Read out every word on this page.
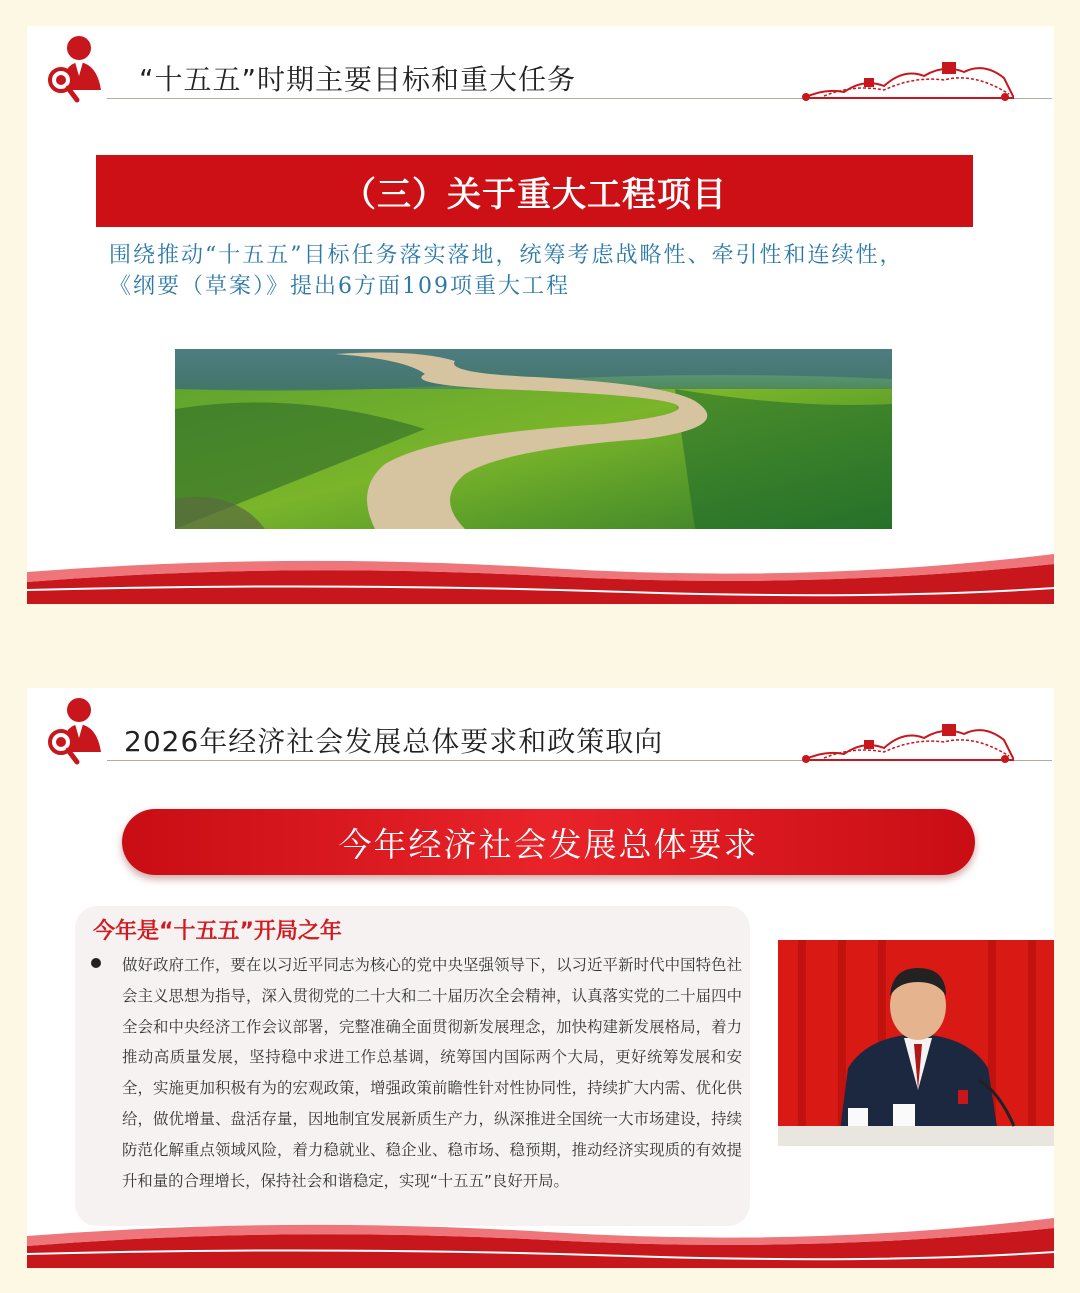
“十五五”时期主要目标和重大任务
（三）关于重大工程项目
围绕推动“十五五”目标任务落实落地，统筹考虑战略性、牵引性和连续性，
《纲要（草案）》提出6方面109项重大工程
2026年经济社会发展总体要求和政策取向
今年经济社会发展总体要求
今年是“十五五”开局之年
做好政府工作，要在以习近平同志为核心的党中央坚强领导下，以习近平新时代中国特色社会主义思想为指导，深入贯彻党的二十大和二十届历次全会精神，认真落实党的二十届四中全会和中央经济工作会议部署，完整准确全面贯彻新发展理念，加快构建新发展格局，着力推动高质量发展，坚持稳中求进工作总基调，统筹国内国际两个大局，更好统筹发展和安全，实施更加积极有为的宏观政策，增强政策前瞻性针对性协同性，持续扩大内需、优化供给，做优增量、盘活存量，因地制宜发展新质生产力，纵深推进全国统一大市场建设，持续防范化解重点领域风险，着力稳就业、稳企业、稳市场、稳预期，推动经济实现质的有效提升和量的合理增长，保持社会和谐稳定，实现“十五五”良好开局。
